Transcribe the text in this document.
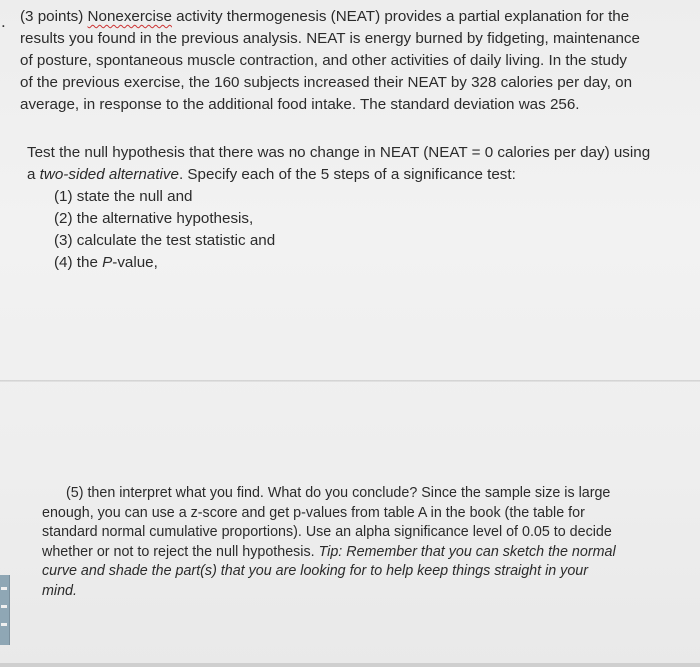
. (3 points) Nonexercise activity thermogenesis (NEAT) provides a partial explanation for the
results you found in the previous analysis. NEAT is energy burned by fidgeting, maintenance
of posture, spontaneous muscle contraction, and other activities of daily living. In the study
of the previous exercise, the 160 subjects increased their NEAT by 328 calories per day, on
average, in response to the additional food intake. The standard deviation was 256.
Test the null hypothesis that there was no change in NEAT (NEAT = 0 calories per day) using
a two-sided alternative. Specify each of the 5 steps of a significance test:
(1) state the null and
(2) the alternative hypothesis,
(3) calculate the test statistic and
(4) the P-value,
(5) then interpret what you find. What do you conclude? Since the sample size is large
enough, you can use a z-score and get p-values from table A in the book (the table for
standard normal cumulative proportions). Use an alpha significance level of 0.05 to decide
whether or not to reject the null hypothesis. Tip: Remember that you can sketch the normal
curve and shade the part(s) that you are looking for to help keep things straight in your
mind.
